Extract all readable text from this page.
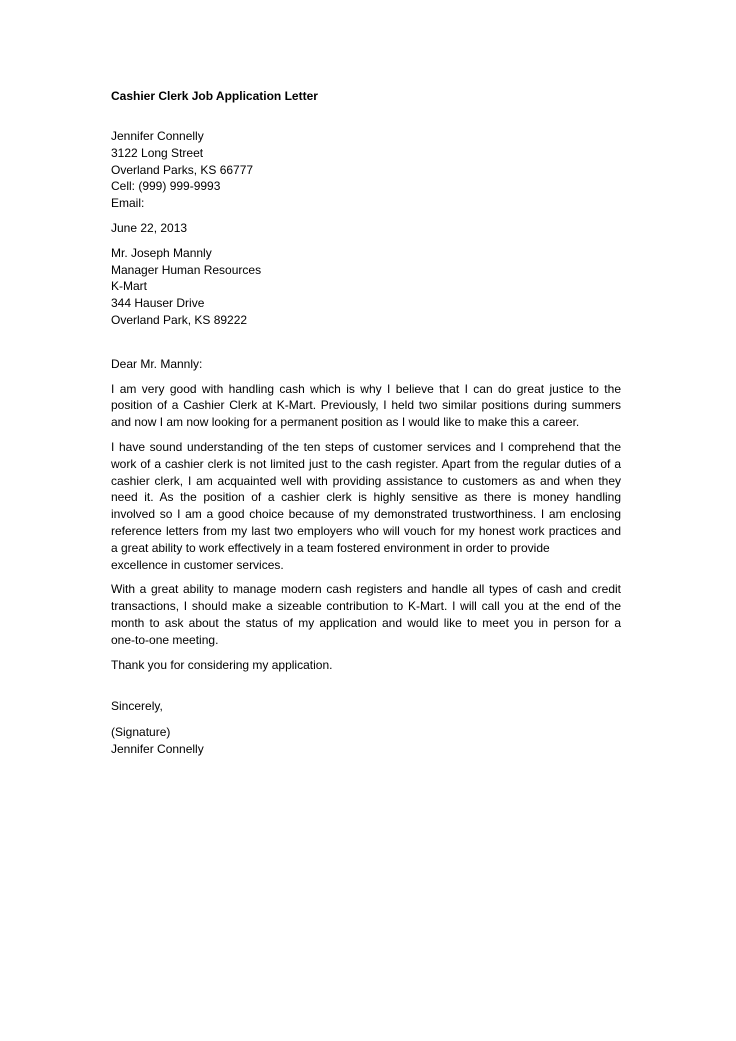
Cashier Clerk Job Application Letter
Jennifer Connelly
3122 Long Street
Overland Parks, KS 66777
Cell: (999) 999-9993
Email:
June 22, 2013
Mr. Joseph Mannly
Manager Human Resources
K-Mart
344 Hauser Drive
Overland Park, KS 89222
Dear Mr. Mannly:
I am very good with handling cash which is why I believe that I can do great justice to the
position of a Cashier Clerk at K-Mart. Previously, I held two similar positions during summers
and now I am now looking for a permanent position as I would like to make this a career.
I have sound understanding of the ten steps of customer services and I comprehend that the
work of a cashier clerk is not limited just to the cash register. Apart from the regular duties of a
cashier clerk, I am acquainted well with providing assistance to customers as and when they
need it. As the position of a cashier clerk is highly sensitive as there is money handling
involved so I am a good choice because of my demonstrated trustworthiness. I am enclosing
reference letters from my last two employers who will vouch for my honest work practices and
a great ability to work effectively in a team fostered environment in order to provide
excellence in customer services.
With a great ability to manage modern cash registers and handle all types of cash and credit
transactions, I should make a sizeable contribution to K-Mart. I will call you at the end of the
month to ask about the status of my application and would like to meet you in person for a
one-to-one meeting.
Thank you for considering my application.
Sincerely,
(Signature)
Jennifer Connelly
